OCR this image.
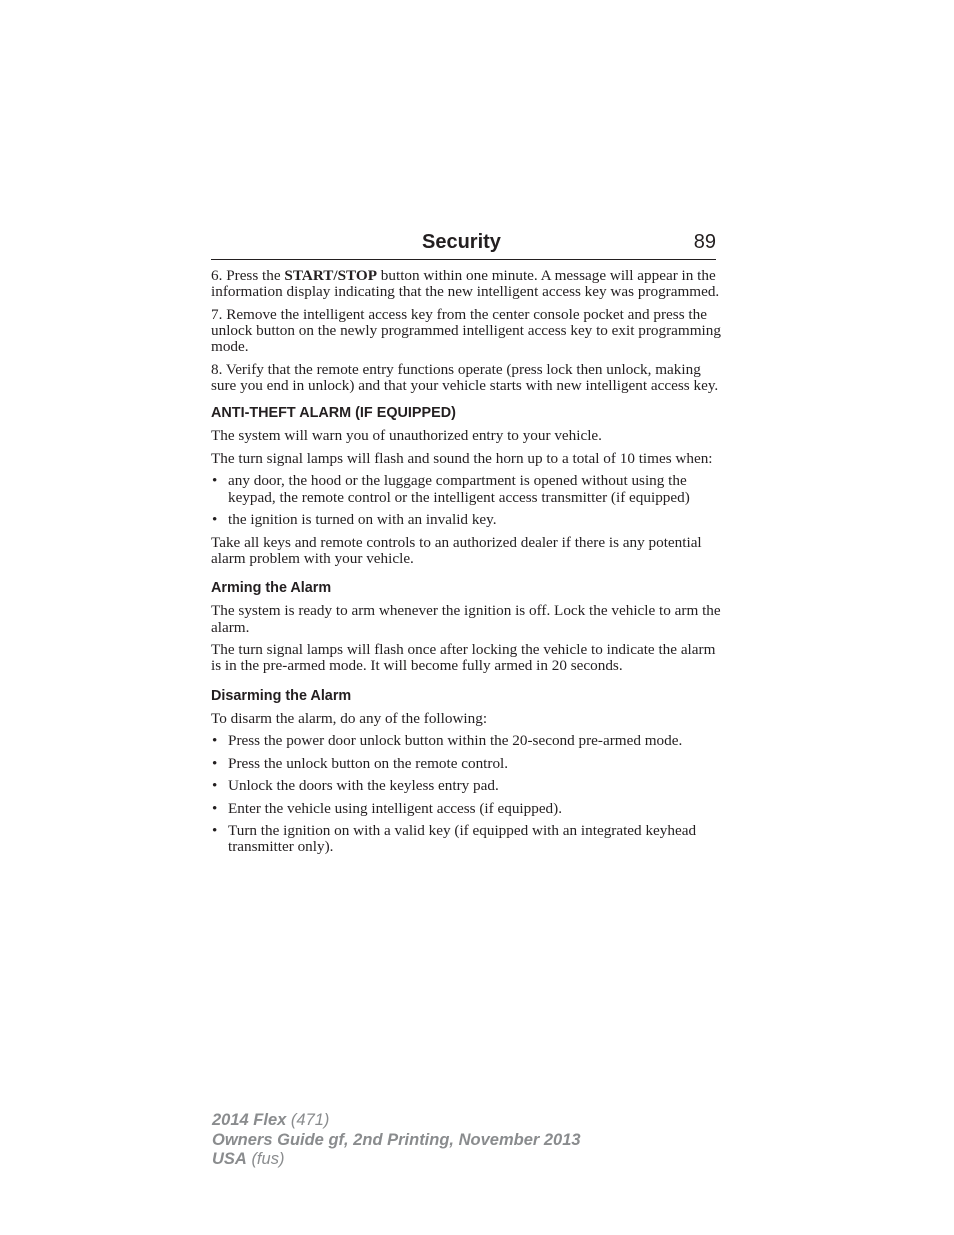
Security	89

6. Press the START/STOP button within one minute. A message will appear in the information display indicating that the new intelligent access key was programmed.

7. Remove the intelligent access key from the center console pocket and press the unlock button on the newly programmed intelligent access key to exit programming mode.

8. Verify that the remote entry functions operate (press lock then unlock, making sure you end in unlock) and that your vehicle starts with new intelligent access key.

ANTI-THEFT ALARM (IF EQUIPPED)

The system will warn you of unauthorized entry to your vehicle.

The turn signal lamps will flash and sound the horn up to a total of 10 times when:

• any door, the hood or the luggage compartment is opened without using the keypad, the remote control or the intelligent access transmitter (if equipped)
• the ignition is turned on with an invalid key.

Take all keys and remote controls to an authorized dealer if there is any potential alarm problem with your vehicle.

Arming the Alarm

The system is ready to arm whenever the ignition is off. Lock the vehicle to arm the alarm.

The turn signal lamps will flash once after locking the vehicle to indicate the alarm is in the pre-armed mode. It will become fully armed in 20 seconds.

Disarming the Alarm

To disarm the alarm, do any of the following:

• Press the power door unlock button within the 20-second pre-armed mode.
• Press the unlock button on the remote control.
• Unlock the doors with the keyless entry pad.
• Enter the vehicle using intelligent access (if equipped).
• Turn the ignition on with a valid key (if equipped with an integrated keyhead transmitter only).
2014 Flex (471)
Owners Guide gf, 2nd Printing, November 2013
USA (fus)
